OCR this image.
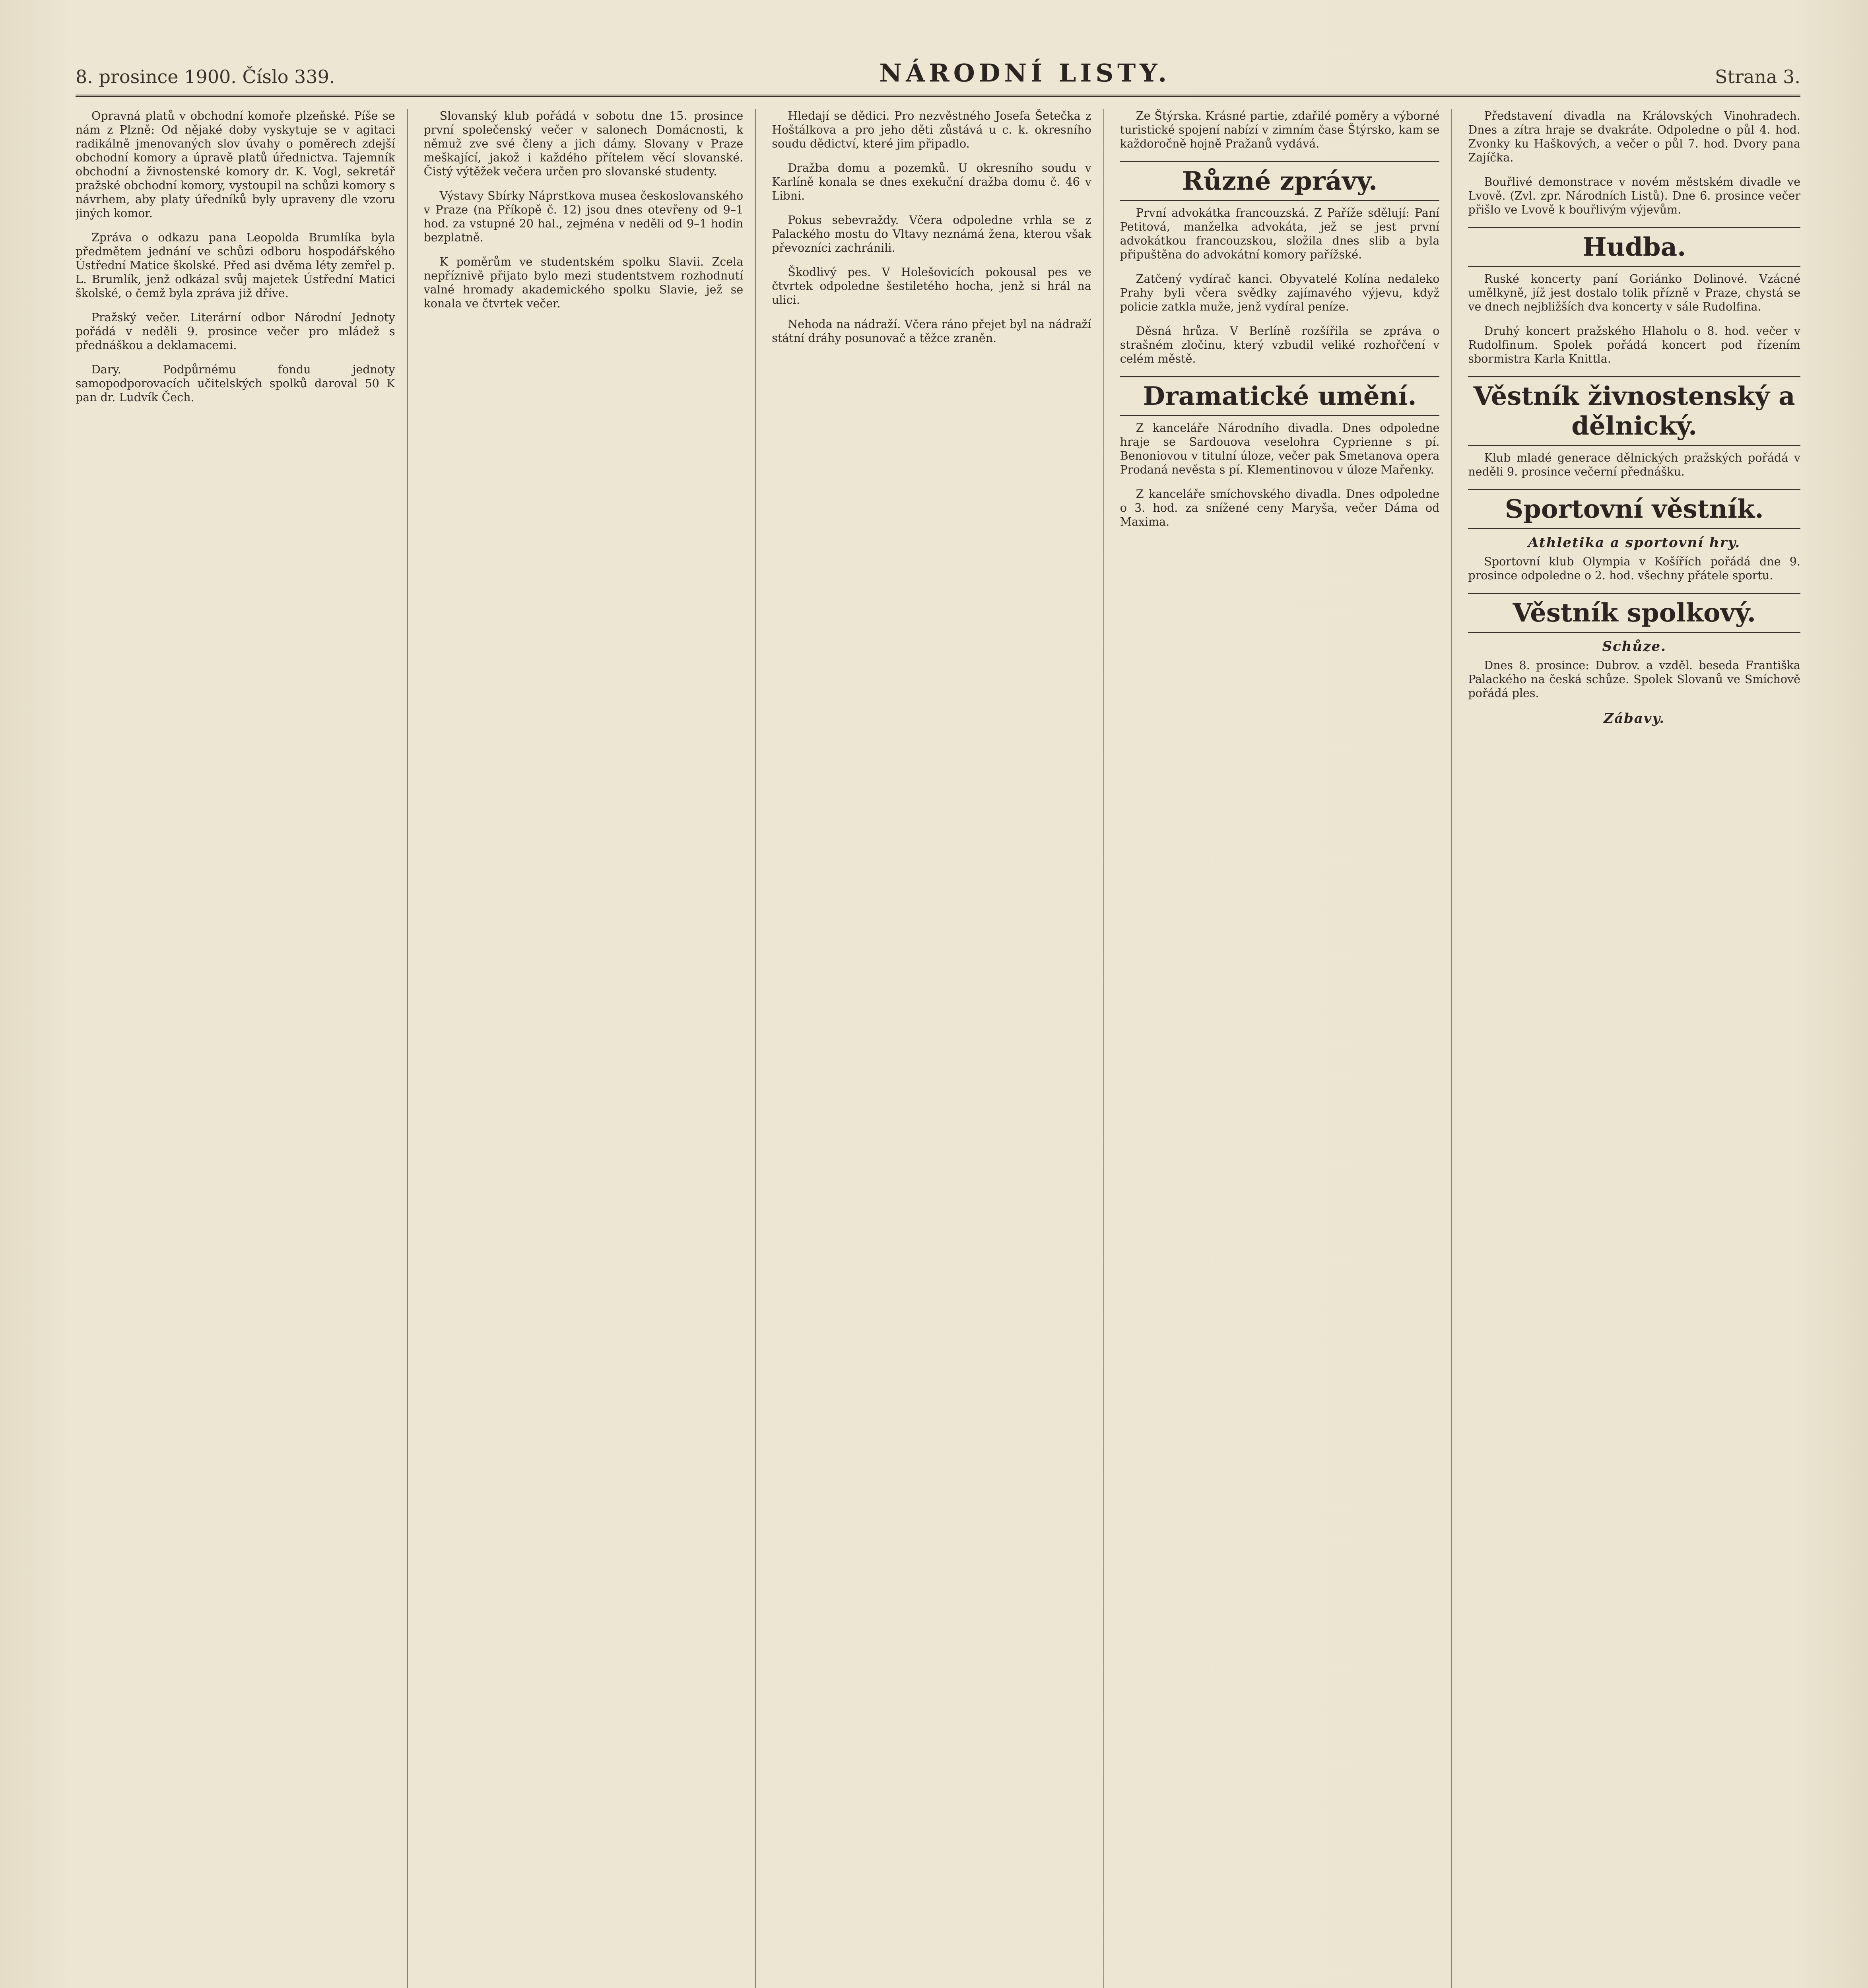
8. prosince 1900. Číslo 339.	NÁRODNÍ LISTY.	Strana 3.

Opravná platů v obchodní komoře plzeňské. Píše se nám z Plzně: Od nějaké doby vyskytuje se v agitaci radikálně jmenovaných slov úvahy o poměrech zdejší obchodní komory a úpravě platů úřednictva. Tajemník obchodní a živnostenské komory dr. K. Vogl, sekretář pražské obchodní komory, vystoupil na schůzi komory s návrhem, aby platy úředníků byly upraveny dle vzoru jiných komor.

Zpráva o odkazu pana Leopolda Brumlíka byla předmětem jednání ve schůzi odboru hospodářského Ústřední Matice školské. Před asi dvěma léty zemřel p. L. Brumlík, jenž odkázal svůj majetek Ústřední Matici školské, o čemž byla zpráva již dříve.

Pražský večer. Literární odbor Národní Jednoty pořádá v neděli 9. prosince večer pro mládež s přednáškou a deklamacemi.

Dary. Podpůrnému fondu jednoty samopodporovacích učitelských spolků daroval 50 K pan dr. Ludvík Čech.

Slovanský klub pořádá v sobotu dne 15. prosince první společenský večer v salonech Domácnosti, k němuž zve své členy a jich dámy. Slovany v Praze meškající, jakož i každého přítelem věcí slovanské. Čistý výtěžek večera určen pro slovanské studenty.

Výstavy Sbírky Náprstkova musea českoslovanského v Praze (na Příkopě č. 12) jsou dnes otevřeny od 9–1 hod. za vstupné 20 hal., zejména v neděli od 9–1 hodin bezplatně.

K poměrům ve studentském spolku Slavii. Zcela nepříznivě přijato bylo mezi studentstvem rozhodnutí valné hromady akademického spolku Slavie, jež se konala ve čtvrtek večer.

Hledají se dědici. Pro nezvěstného Josefa Šetečka z Hoštálkova a pro jeho děti zůstává u c. k. okresního soudu dědictví, které jim připadlo.

Dražba domu a pozemků. U okresního soudu v Karlíně konala se dnes exekuční dražba domu č. 46 v Libni.

Pokus sebevraždy. Včera odpoledne vrhla se z Palackého mostu do Vltavy neznámá žena, kterou však převozníci zachránili.

Škodlivý pes. V Holešovicích pokousal pes ve čtvrtek odpoledne šestiletého hocha, jenž si hrál na ulici.

Nehoda na nádraží. Včera ráno přejet byl na nádraží státní dráhy posunovač a těžce zraněn.

Ze Štýrska. Krásné partie, zdařilé poměry a výborné turistické spojení nabízí v zimním čase Štýrsko, kam se každoročně hojně Pražanů vydává.

Různé zprávy.

První advokátka francouzská. Z Paříže sdělují: Paní Petitová, manželka advokáta, jež se jest první advokátkou francouzskou, složila dnes slib a byla připuštěna do advokátní komory pařížské.

Zatčený vydírač kanci. Obyvatelé Kolína nedaleko Prahy byli včera svědky zajímavého výjevu, když policie zatkla muže, jenž vydíral peníze.

Děsná hrůza. V Berlíně rozšířila se zpráva o strašném zločinu, který vzbudil veliké rozhořčení v celém městě.

Dramatické umění.

Z kanceláře Národního divadla. Dnes odpoledne hraje se Sardouova veselohra Cyprienne s pí. Benoniovou v titulní úloze, večer pak Smetanova opera Prodaná nevěsta s pí. Klementinovou v úloze Mařenky.

Z kanceláře smíchovského divadla. Dnes odpoledne o 3. hod. za snížené ceny Maryša, večer Dáma od Maxima.

Představení divadla na Královských Vinohradech. Dnes a zítra hraje se dvakráte. Odpoledne o půl 4. hod. Zvonky ku Haškových, a večer o půl 7. hod. Dvory pana Zajíčka.

Bouřlivé demonstrace v novém městském divadle ve Lvově. (Zvl. zpr. Národních Listů). Dne 6. prosince večer přišlo ve Lvově k bouřlivým výjevům.

Hudba.

Ruské koncerty paní Goriánko Dolinové. Vzácné umělkyně, jíž jest dostalo tolik přízně v Praze, chystá se ve dnech nejbližších dva koncerty v sále Rudolfina.

Druhý koncert pražského Hlaholu o 8. hod. večer v Rudolfinum. Spolek pořádá koncert pod řízením sbormistra Karla Knittla.

Věstník živnostenský a dělnický.

Klub mladé generace dělnických pražských pořádá v neděli 9. prosince večerní přednášku.

Sportovní věstník.
Athletika a sportovní hry.

Sportovní klub Olympia v Košířích pořádá dne 9. prosince odpoledne o 2. hod. všechny přátele sportu.

Věstník spolkový.
Schůze.

Dnes 8. prosince: Dubrov. a vzděl. beseda Františka Palackého na česká schůze. Spolek Slovanů ve Smíchově pořádá ples.

Zábavy.
